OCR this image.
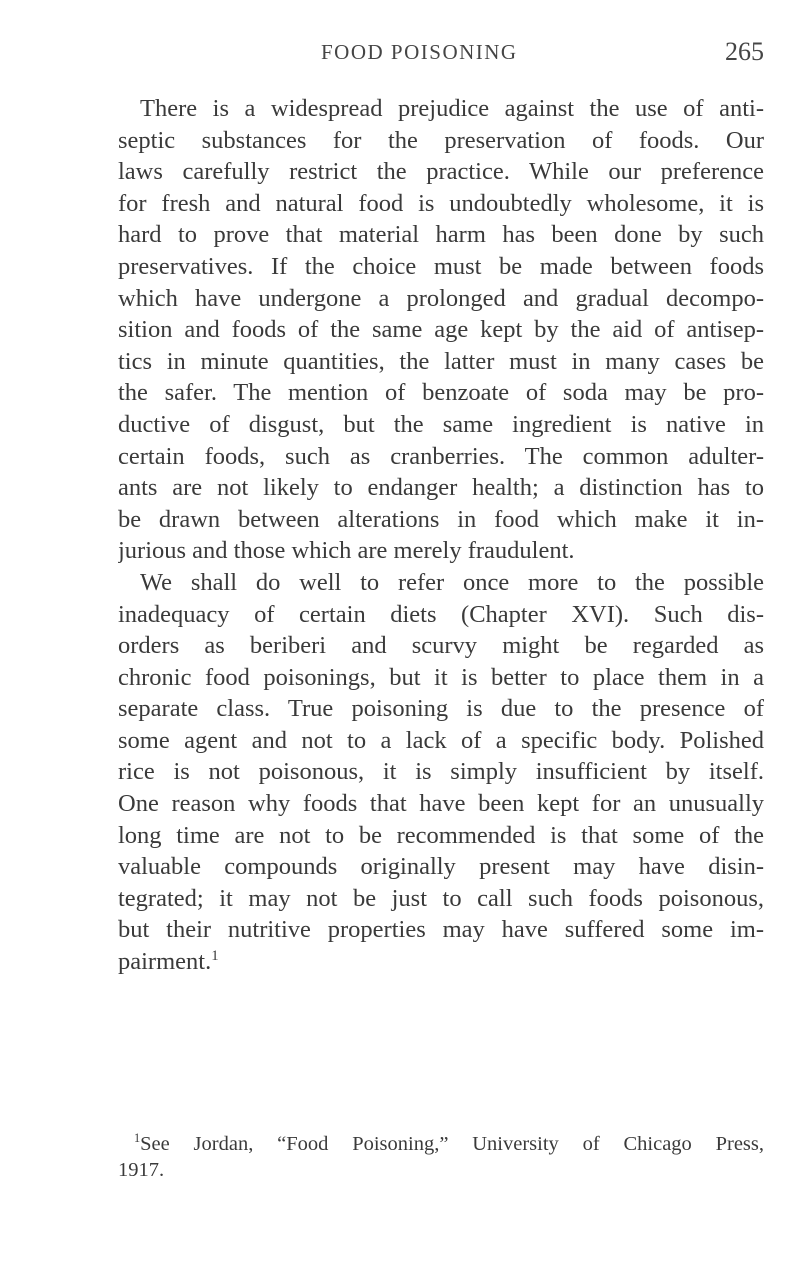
FOOD POISONING	265
There is a widespread prejudice against the use of anti-
septic substances for the preservation of foods. Our
laws carefully restrict the practice. While our preference
for fresh and natural food is undoubtedly wholesome, it is
hard to prove that material harm has been done by such
preservatives. If the choice must be made between foods
which have undergone a prolonged and gradual decompo-
sition and foods of the same age kept by the aid of antisep-
tics in minute quantities, the latter must in many cases be
the safer. The mention of benzoate of soda may be pro-
ductive of disgust, but the same ingredient is native in
certain foods, such as cranberries. The common adulter-
ants are not likely to endanger health; a distinction has to
be drawn between alterations in food which make it in-
jurious and those which are merely fraudulent.
We shall do well to refer once more to the possible
inadequacy of certain diets (Chapter XVI). Such dis-
orders as beriberi and scurvy might be regarded as
chronic food poisonings, but it is better to place them in a
separate class. True poisoning is due to the presence of
some agent and not to a lack of a specific body. Polished
rice is not poisonous, it is simply insufficient by itself.
One reason why foods that have been kept for an unusually
long time are not to be recommended is that some of the
valuable compounds originally present may have disin-
tegrated; it may not be just to call such foods poisonous,
but their nutritive properties may have suffered some im-
pairment.$^1$
$^1$See Jordan, “Food Poisoning,” University of Chicago Press,
1917.
